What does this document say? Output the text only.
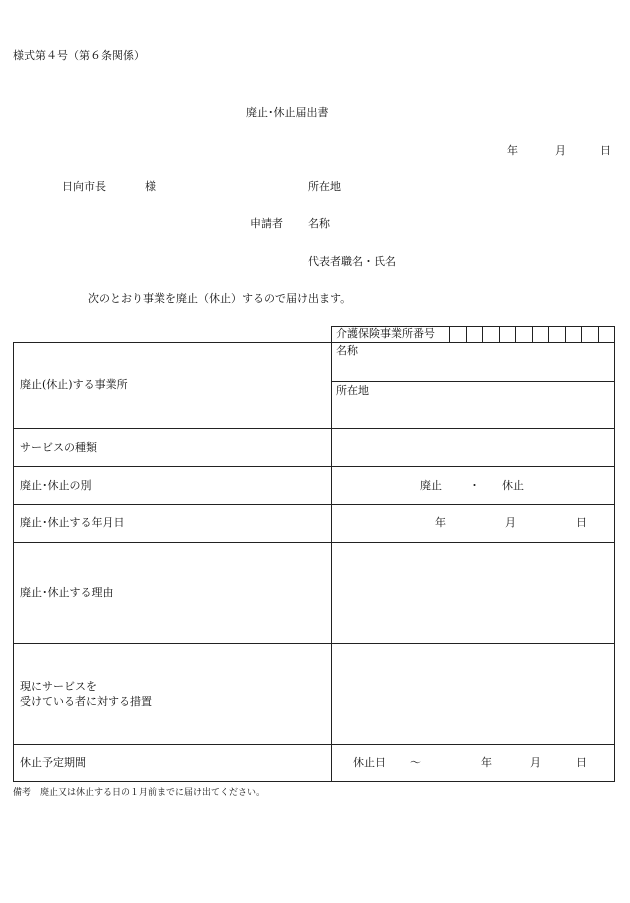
様式第４号（第６条関係）
廃止･休止届出書
年	月	日
日向市長	様	所在地
申請者 名称
代表者職名・氏名
次のとおり事業を廃止（休止）するので届け出ます。
介護保険事業所番号
廃止(休止)する事業所
名称
所在地
サービスの種類
廃止･休止の別	廃止 ・ 休止
廃止･休止する年月日	年	月	日
廃止･休止する理由
現にサービスを
受けている者に対する措置
休止予定期間	休止日 ～	年	月	日
備考　廃止又は休止する日の１月前までに届け出てください。
